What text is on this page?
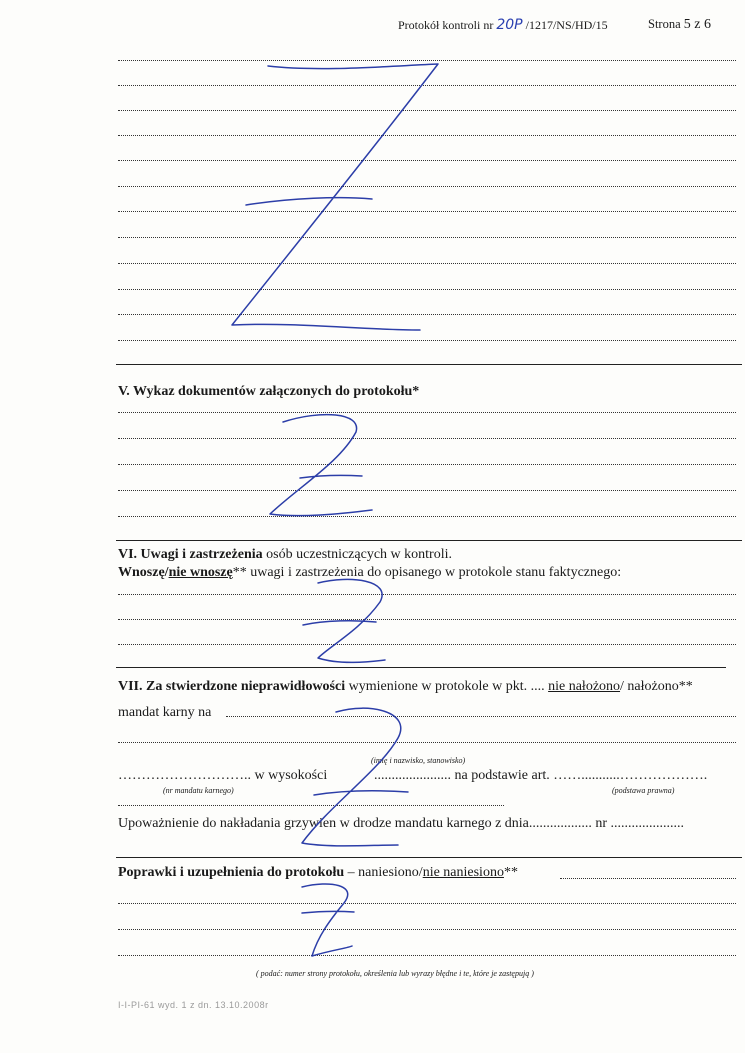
Protokół kontroli nr 20P /1217/NS/HD/15	Strona 5 z 6
V. Wykaz dokumentów załączonych do protokołu*
VI. Uwagi i zastrzeżenia osób uczestniczących w kontroli.
Wnoszę/nie wnoszę** uwagi i zastrzeżenia do opisanego w protokole stanu faktycznego:
VII. Za stwierdzone nieprawidłowości wymienione w protokole w pkt. .... nie nałożono/ nałożono**
mandat karny na
(imię i nazwisko, stanowisko)
……………………….. w wysokości	...................... na podstawie art. ……...........……………….
(nr mandatu karnego)	(podstawa prawna)
Upoważnienie do nakładania grzywien w drodze mandatu karnego z dnia.................. nr .....................
Poprawki i uzupełnienia do protokołu – naniesiono/nie naniesiono**
( podać: numer strony protokołu, określenia lub wyrazy błędne i te, które je zastępują )
I-I-PI-61 wyd. 1 z dn. 13.10.2008r
